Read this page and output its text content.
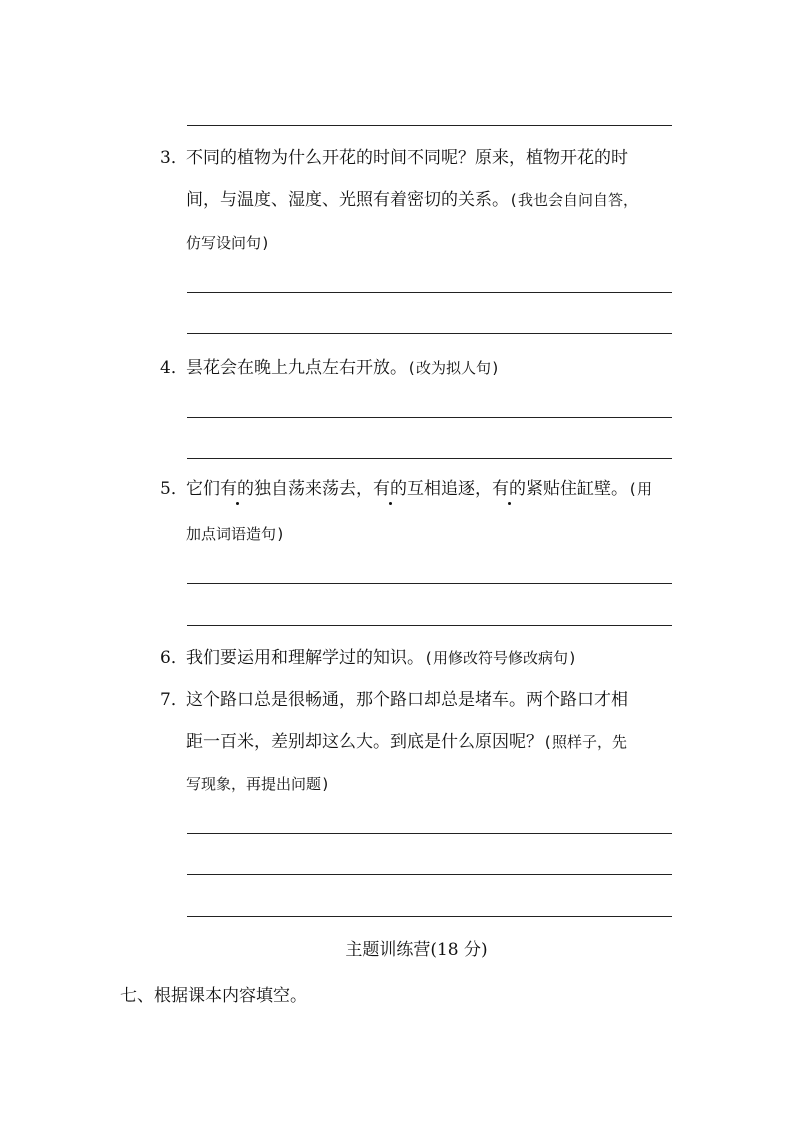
3．不同的植物为什么开花的时间不同呢？原来，植物开花的时
间，与温度、湿度、光照有着密切的关系。(我也会自问自答，
仿写设问句)
4．昙花会在晚上九点左右开放。(改为拟人句)
5．它们有的独自荡来荡去，有的互相追逐，有的紧贴住缸壁。(用
加点词语造句)
6．我们要运用和理解学过的知识。(用修改符号修改病句)
7．这个路口总是很畅通，那个路口却总是堵车。两个路口才相
距一百米，差别却这么大。到底是什么原因呢？(照样子，先
写现象，再提出问题)
主题训练营(18 分)
七、根据课本内容填空。
